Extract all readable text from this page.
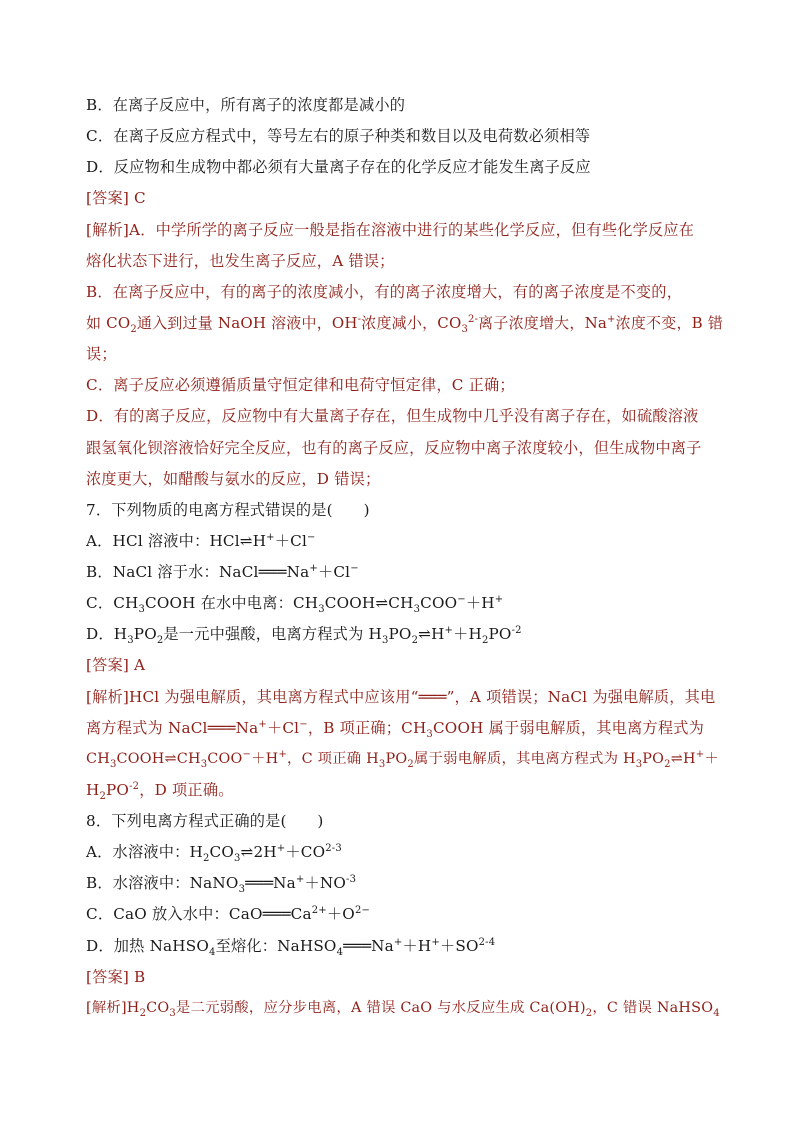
B．在离子反应中，所有离子的浓度都是减小的
C．在离子反应方程式中，等号左右的原子种类和数目以及电荷数必须相等
D．反应物和生成物中都必须有大量离子存在的化学反应才能发生离子反应
[答案] C
[解析]A．中学所学的离子反应一般是指在溶液中进行的某些化学反应，但有些化学反应在
熔化状态下进行，也发生离子反应，A 错误；
B．在离子反应中，有的离子的浓度减小，有的离子浓度增大，有的离子浓度是不变的，
如 $CO_2$通入到过量 NaOH 溶液中，OH-浓度减小，$CO_3^{2-}$离子浓度增大，Na+浓度不变，B 错
误；
C．离子反应必须遵循质量守恒定律和电荷守恒定律，C 正确；
D．有的离子反应，反应物中有大量离子存在，但生成物中几乎没有离子存在，如硫酸溶液
跟氢氧化钡溶液恰好完全反应，也有的离子反应，反应物中离子浓度较小，但生成物中离子
浓度更大，如醋酸与氨水的反应，D 错误；
7．下列物质的电离方程式错误的是(　　)
A．HCl 溶液中：HCl⇌H+＋Cl−
B．NaCl 溶于水：NaCl═══Na+＋Cl−
C．$CH_3COOH$ 在水中电离：$CH_3COOH\rightleftharpoons CH_3COO^-+H^+$
D．$H_3PO_2$是一元中强酸，电离方程式为 $H_3PO_2\rightleftharpoons H^++H_2PO^{-2}$
[答案] A
[解析]HCl 为强电解质，其电离方程式中应该用“═══”，A 项错误；NaCl 为强电解质，其电
离方程式为 NaCl═══Na+＋Cl−，B 项正确；$CH_3COOH$ 属于弱电解质，其电离方程式为
$CH_3COOH\rightleftharpoons CH_3COO^-+H^+$，C 项正确 $H_3PO_2$属于弱电解质，其电离方程式为 $H_3PO_2\rightleftharpoons H^++$
$H_2PO^{-2}$，D 项正确。
8．下列电离方程式正确的是(　　)
A．水溶液中：$H_2CO_3\rightleftharpoons 2H^++CO^{2-3}$
B．水溶液中：$NaNO_3═══Na^++NO^{-3}$
C．CaO 放入水中：$CaO═══Ca^{2+}+O^{2-}$
D．加热 NaHSO$_4$至熔化：$NaHSO_4═══Na^++H^++SO^{2-4}$
[答案] B
[解析]$H_2CO_3$是二元弱酸，应分步电离，A 错误 CaO 与水反应生成 $Ca(OH)_2$，C 错误 NaHSO$_4$
